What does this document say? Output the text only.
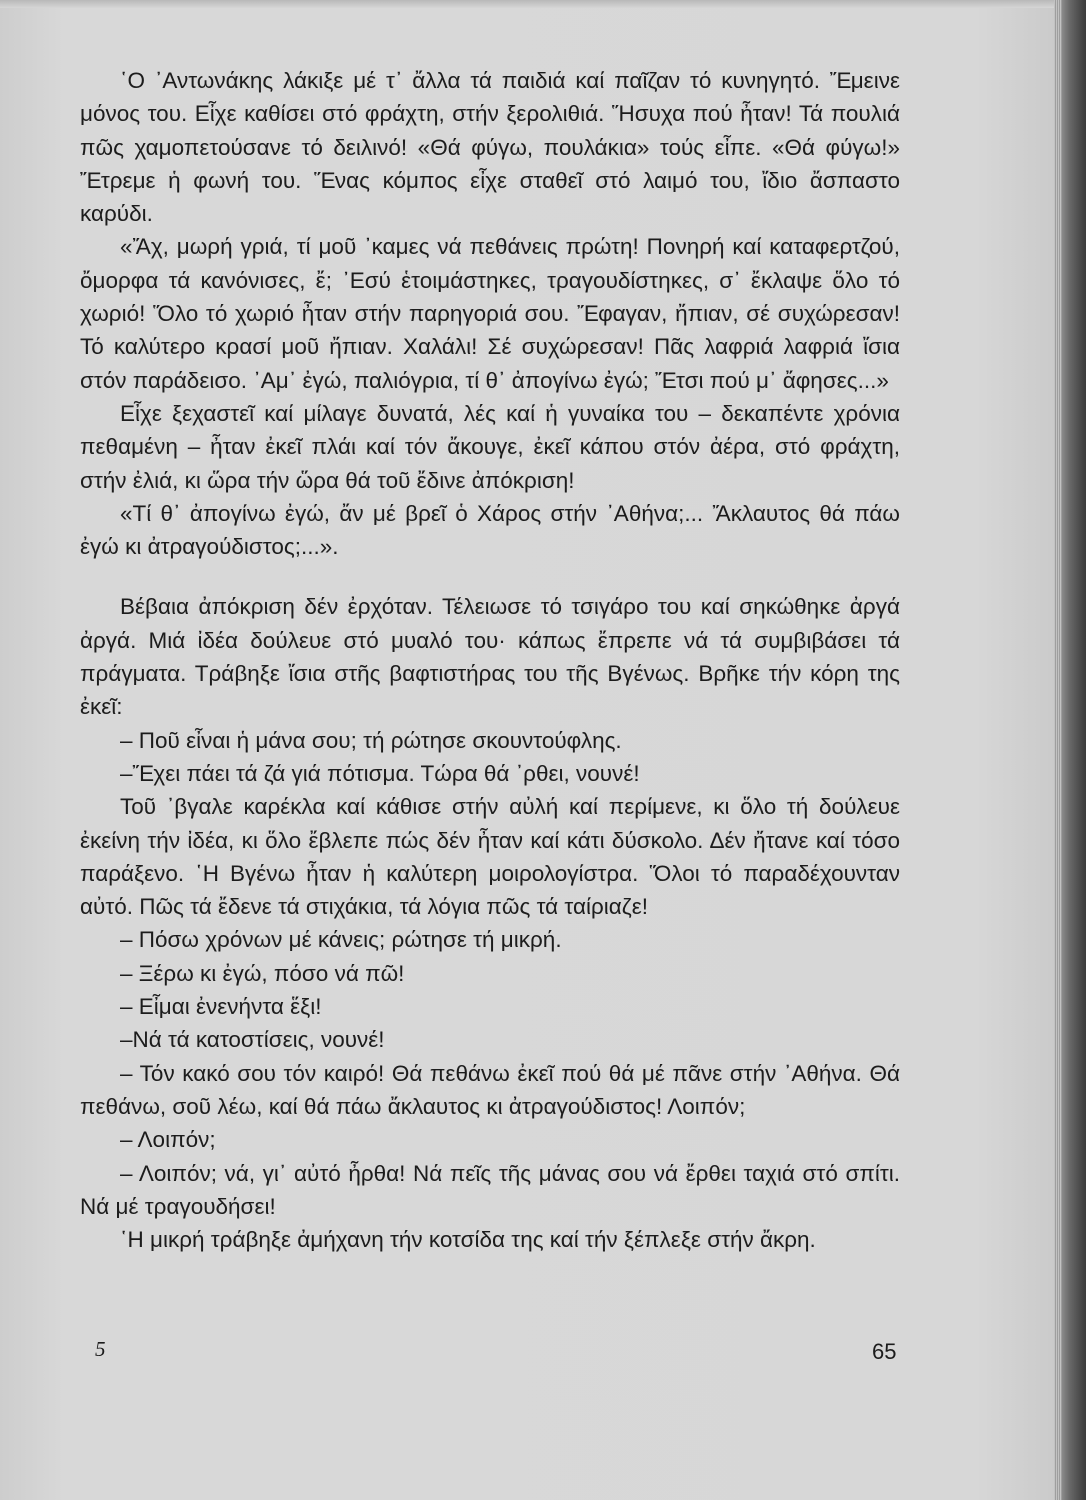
῾Ο ᾿Αντωνάκης λάκιξε μέ τ᾿ ἄλλα τά παιδιά καί παῖζαν τό κυνηγητό. Ἔμεινε μόνος του. Εἶχε καθίσει στό φράχτη, στήν ξερολιθιά. Ἥσυχα πού ἦταν! Τά πουλιά πῶς χαμοπετούσανε τό δειλινό! «Θά φύγω, πουλάκια» τούς εἶπε. «Θά φύγω!» Ἔτρεμε ἡ φωνή του. Ἕνας κόμπος εἶχε σταθεῖ στό λαιμό του, ἴδιο ἄσπαστο καρύδι.

«Ἄχ, μωρή γριά, τί μοῦ ᾿καμες νά πεθάνεις πρώτη! Πονηρή καί καταφερτζού, ὄμορφα τά κανόνισες, ἔ; ᾿Εσύ ἑτοιμάστηκες, τραγουδίστηκες, σ᾿ ἔκλαψε ὅλο τό χωριό! Ὅλο τό χωριό ἦταν στήν παρηγοριά σου. Ἔφαγαν, ἤπιαν, σέ συχώρεσαν! Τό καλύτερο κρασί μοῦ ἤπιαν. Χαλάλι! Σέ συχώρεσαν! Πᾶς λαφριά λαφριά ἴσια στόν παράδεισο. ᾿Αμ᾿ ἐγώ, παλιόγρια, τί θ᾿ ἀπογίνω ἐγώ; Ἔτσι πού μ᾿ ἄφησες...»

Εἶχε ξεχαστεῖ καί μίλαγε δυνατά, λές καί ἡ γυναίκα του – δεκαπέντε χρόνια πεθαμένη – ἦταν ἐκεῖ πλάι καί τόν ἄκουγε, ἐκεῖ κάπου στόν ἀέρα, στό φράχτη, στήν ἐλιά, κι ὥρα τήν ὥρα θά τοῦ ἔδινε ἀπόκριση!

«Τί θ᾿ ἀπογίνω ἐγώ, ἄν μέ βρεῖ ὁ Χάρος στήν ᾿Αθήνα;... Ἄκλαυτος θά πάω ἐγώ κι ἀτραγούδιστος;...».

Βέβαια ἀπόκριση δέν ἐρχόταν. Τέλειωσε τό τσιγάρο του καί σηκώθηκε ἀργά ἀργά. Μιά ἰδέα δούλευε στό μυαλό του· κάπως ἔπρεπε νά τά συμβιβάσει τά πράγματα. Τράβηξε ἴσια στῆς βαφτιστήρας του τῆς Βγένως. Βρῆκε τήν κόρη της ἐκεῖ:

– Ποῦ εἶναι ἡ μάνα σου; τή ρώτησε σκουντούφλης.

–Ἔχει πάει τά ζά γιά πότισμα. Τώρα θά ᾿ρθει, νουνέ!

Τοῦ ᾿βγαλε καρέκλα καί κάθισε στήν αὐλή καί περίμενε, κι ὅλο τή δούλευε ἐκείνη τήν ἰδέα, κι ὅλο ἔβλεπε πώς δέν ἦταν καί κάτι δύσκολο. Δέν ἤτανε καί τόσο παράξενο. ῾Η Βγένω ἦταν ἡ καλύτερη μοιρολογίστρα. Ὅλοι τό παραδέχουνταν αὐτό. Πῶς τά ἔδενε τά στιχάκια, τά λόγια πῶς τά ταίριαζε!

– Πόσω χρόνων μέ κάνεις; ρώτησε τή μικρή.

– Ξέρω κι ἐγώ, πόσο νά πῶ!

– Εἶμαι ἐνενήντα ἕξι!

–Νά τά κατοστίσεις, νουνέ!

– Τόν κακό σου τόν καιρό! Θά πεθάνω ἐκεῖ πού θά μέ πᾶνε στήν ᾿Αθήνα. Θά πεθάνω, σοῦ λέω, καί θά πάω ἄκλαυτος κι ἀτραγούδιστος! Λοιπόν;

– Λοιπόν;

– Λοιπόν; νά, γι᾿ αὐτό ἦρθα! Νά πεῖς τῆς μάνας σου νά ἔρθει ταχιά στό σπίτι. Νά μέ τραγουδήσει!

῾Η μικρή τράβηξε ἀμήχανη τήν κοτσίδα της καί τήν ξέπλεξε στήν ἄκρη.

5	65
